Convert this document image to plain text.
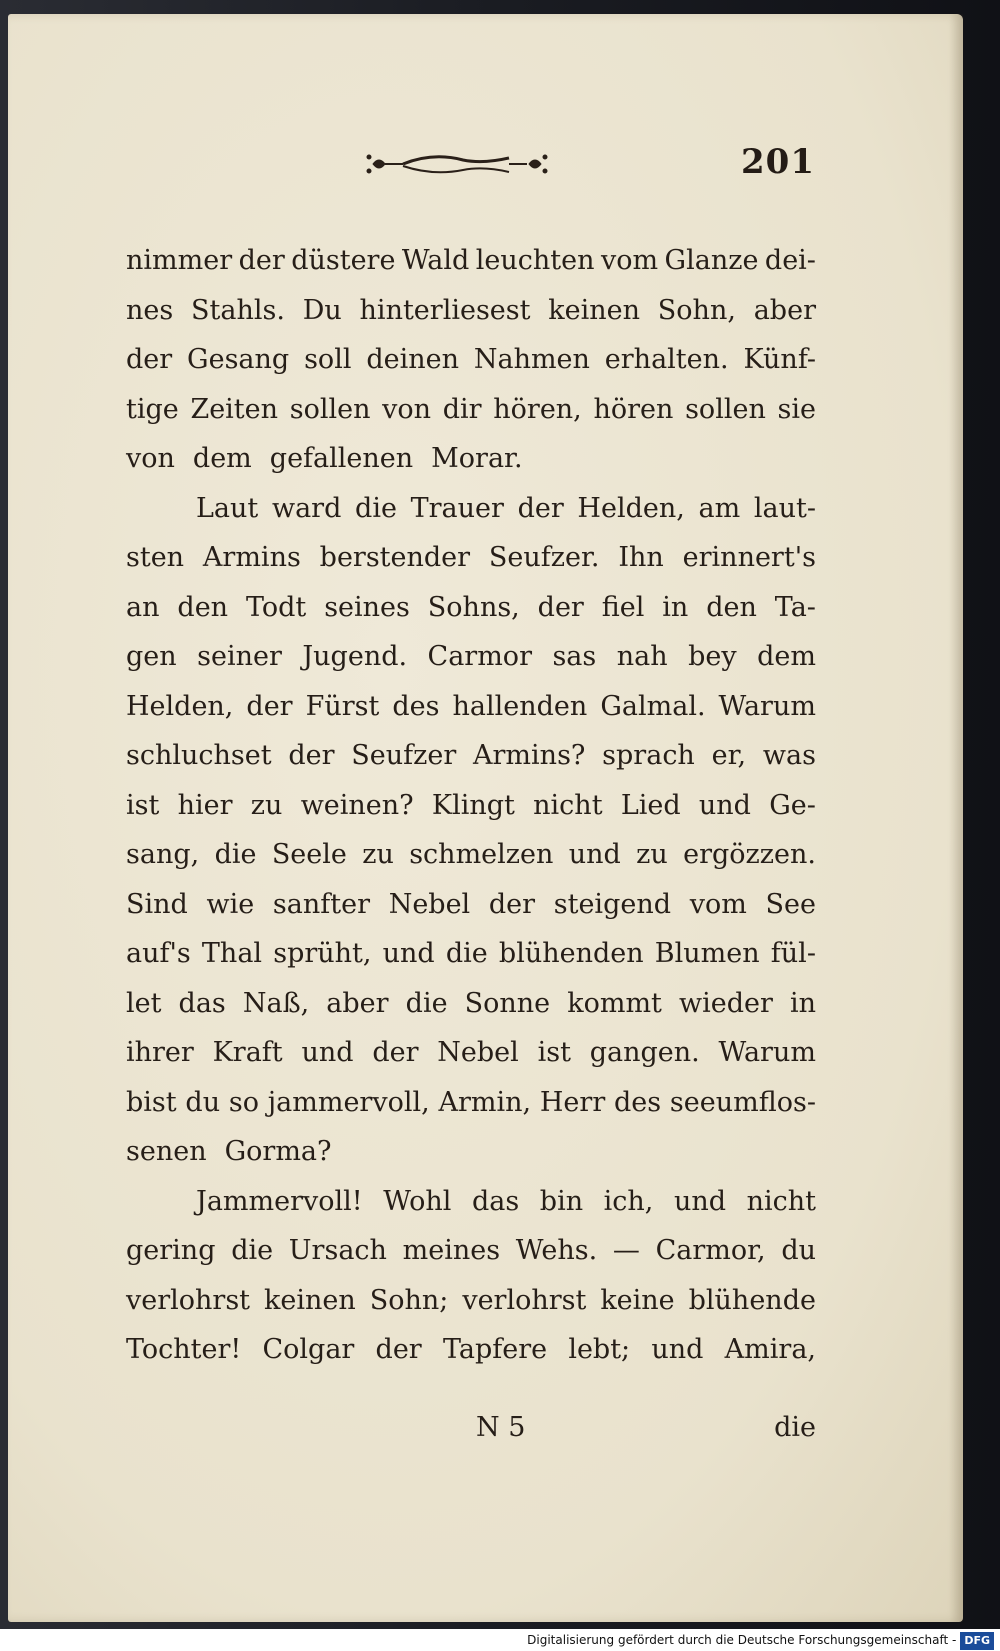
201
nimmer der düstere Wald leuchten vom Glanze dei-
nes Stahls. Du hinterliesest keinen Sohn, aber
der Gesang soll deinen Nahmen erhalten. Künf-
tige Zeiten sollen von dir hören, hören sollen sie
von dem gefallenen Morar.
Laut ward die Trauer der Helden, am laut-
sten Armins berstender Seufzer. Ihn erinnert's
an den Todt seines Sohns, der fiel in den Ta-
gen seiner Jugend. Carmor sas nah bey dem
Helden, der Fürst des hallenden Galmal. Warum
schluchset der Seufzer Armins? sprach er, was
ist hier zu weinen? Klingt nicht Lied und Ge-
sang, die Seele zu schmelzen und zu ergözzen.
Sind wie sanfter Nebel der steigend vom See
auf's Thal sprüht, und die blühenden Blumen fül-
let das Naß, aber die Sonne kommt wieder in
ihrer Kraft und der Nebel ist gangen. Warum
bist du so jammervoll, Armin, Herr des seeumflos-
senen Gorma?
Jammervoll! Wohl das bin ich, und nicht
gering die Ursach meines Wehs. — Carmor, du
verlohrst keinen Sohn; verlohrst keine blühende
Tochter! Colgar der Tapfere lebt; und Amira,
N 5	die
Digitalisierung gefördert durch die Deutsche Forschungsgemeinschaft - DFG
